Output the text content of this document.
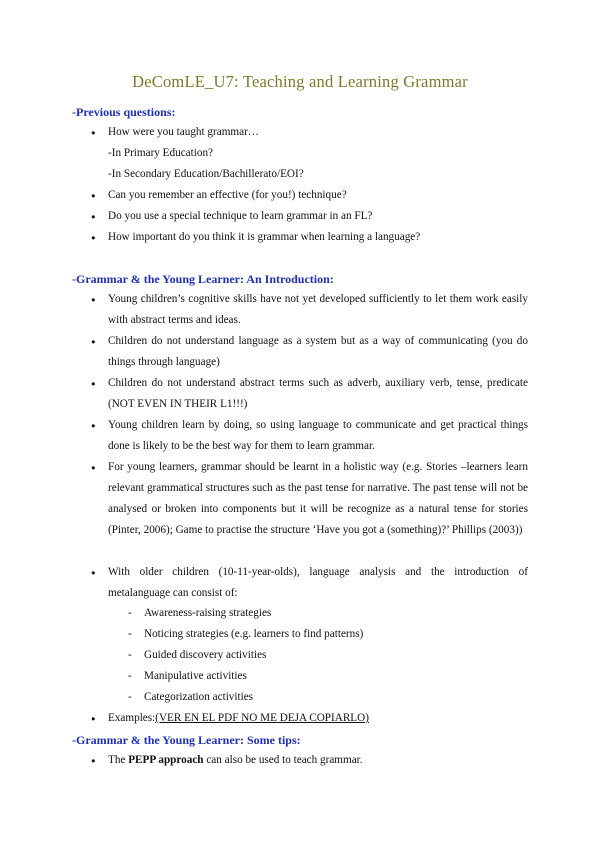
DeComLE_U7: Teaching and Learning Grammar
-Previous questions:
● How were you taught grammar…
-In Primary Education?
-In Secondary Education/Bachillerato/EOI?
● Can you remember an effective (for you!) technique?
● Do you use a special technique to learn grammar in an FL?
● How important do you think it is grammar when learning a language?
-Grammar & the Young Learner: An Introduction:
● Young children’s cognitive skills have not yet developed sufficiently to let them work easily with abstract terms and ideas.
● Children do not understand language as a system but as a way of communicating (you do things through language)
● Children do not understand abstract terms such as adverb, auxiliary verb, tense, predicate (NOT EVEN IN THEIR L1!!!)
● Young children learn by doing, so using language to communicate and get practical things done is likely to be the best way for them to learn grammar.
● For young learners, grammar should be learnt in a holistic way (e.g. Stories –learners learn relevant grammatical structures such as the past tense for narrative. The past tense will not be analysed or broken into components but it will be recognize as a natural tense for stories (Pinter, 2006); Game to practise the structure ‘Have you got a (something)?’ Phillips (2003))
● With older children (10-11-year-olds), language analysis and the introduction of metalanguage can consist of:
- Awareness-raising strategies
- Noticing strategies (e.g. learners to find patterns)
- Guided discovery activities
- Manipulative activities
- Categorization activities
● Examples:(VER EN EL PDF NO ME DEJA COPIARLO)
-Grammar & the Young Learner: Some tips:
● The PEPP approach can also be used to teach grammar.
